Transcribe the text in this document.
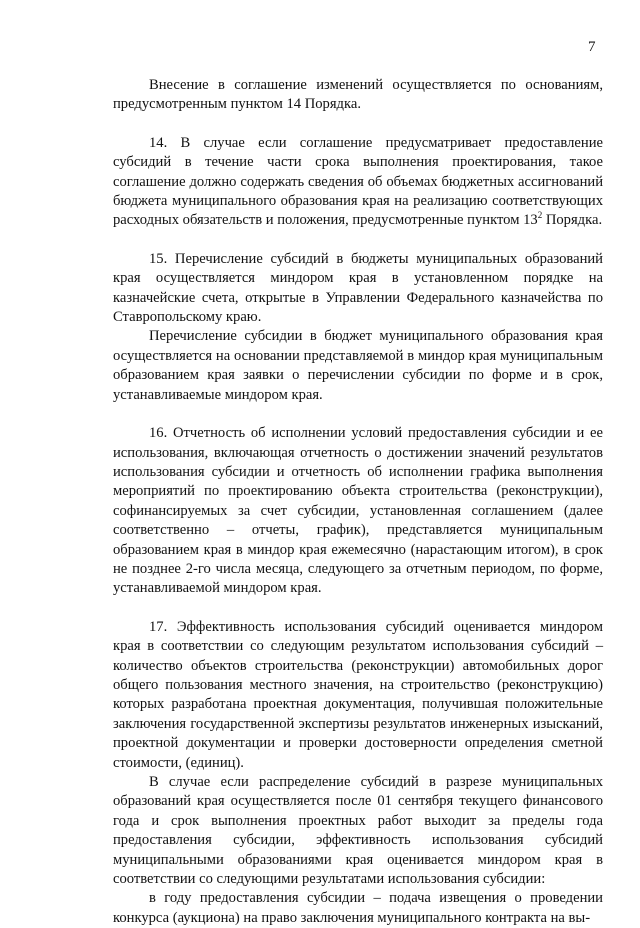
7

Внесение в соглашение изменений осуществляется по основаниям, предусмотренным пунктом 14 Порядка.

14. В случае если соглашение предусматривает предоставление субсидий в течение части срока выполнения проектирования, такое соглашение должно содержать сведения об объемах бюджетных ассигнований бюджета муниципального образования края на реализацию соответствующих расходных обязательств и положения, предусмотренные пунктом $13^2$ Порядка.

15. Перечисление субсидий в бюджеты муниципальных образований края осуществляется миндором края в установленном порядке на казначейские счета, открытые в Управлении Федерального казначейства по Ставропольскому краю.

Перечисление субсидии в бюджет муниципального образования края осуществляется на основании представляемой в миндор края муниципальным образованием края заявки о перечислении субсидии по форме и в срок, устанавливаемые миндором края.

16. Отчетность об исполнении условий предоставления субсидии и ее использования, включающая отчетность о достижении значений результатов использования субсидии и отчетность об исполнении графика выполнения мероприятий по проектированию объекта строительства (реконструкции), софинансируемых за счет субсидии, установленная соглашением (далее соответственно – отчеты, график), представляется муниципальным образованием края в миндор края ежемесячно (нарастающим итогом), в срок не позднее 2-го числа месяца, следующего за отчетным периодом, по форме, устанавливаемой миндором края.

17. Эффективность использования субсидий оценивается миндором края в соответствии со следующим результатом использования субсидий – количество объектов строительства (реконструкции) автомобильных дорог общего пользования местного значения, на строительство (реконструкцию) которых разработана проектная документация, получившая положительные заключения государственной экспертизы результатов инженерных изысканий, проектной документации и проверки достоверности определения сметной стоимости, (единиц).

В случае если распределение субсидий в разрезе муниципальных образований края осуществляется после 01 сентября текущего финансового года и срок выполнения проектных работ выходит за пределы года предоставления субсидии, эффективность использования субсидий муниципальными образованиями края оценивается миндором края в соответствии со следующими результатами использования субсидии:

в году предоставления субсидии – подача извещения о проведении конкурса (аукциона) на право заключения муниципального контракта на вы-
